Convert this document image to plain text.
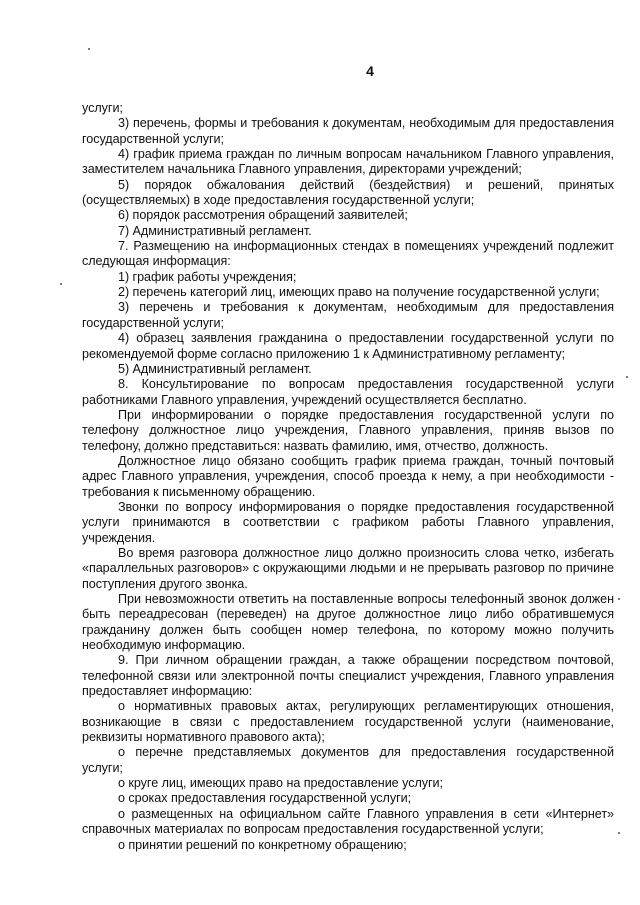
4

услуги;

3) перечень, формы и требования к документам, необходимым для предоставления государственной услуги;

4) график приема граждан по личным вопросам начальником Главного управления, заместителем начальника Главного управления, директорами учреждений;

5) порядок обжалования действий (бездействия) и решений, принятых (осуществляемых) в ходе предоставления государственной услуги;

6) порядок рассмотрения обращений заявителей;

7) Административный регламент.

7. Размещению на информационных стендах в помещениях учреждений подлежит следующая информация:

1) график работы учреждения;

2) перечень категорий лиц, имеющих право на получение государственной услуги;

3) перечень и требования к документам, необходимым для предоставления государственной услуги;

4) образец заявления гражданина о предоставлении государственной услуги по рекомендуемой форме согласно приложению 1 к Административному регламенту;

5) Административный регламент.

8. Консультирование по вопросам предоставления государственной услуги работниками Главного управления, учреждений осуществляется бесплатно.

При информировании о порядке предоставления государственной услуги по телефону должностное лицо учреждения, Главного управления, приняв вызов по телефону, должно представиться: назвать фамилию, имя, отчество, должность.

Должностное лицо обязано сообщить график приема граждан, точный почтовый адрес Главного управления, учреждения, способ проезда к нему, а при необходимости - требования к письменному обращению.

Звонки по вопросу информирования о порядке предоставления государственной услуги принимаются в соответствии с графиком работы Главного управления, учреждения.

Во время разговора должностное лицо должно произносить слова четко, избегать «параллельных разговоров» с окружающими людьми и не прерывать разговор по причине поступления другого звонка.

При невозможности ответить на поставленные вопросы телефонный звонок должен быть переадресован (переведен) на другое должностное лицо либо обратившемуся гражданину должен быть сообщен номер телефона, по которому можно получить необходимую информацию.

9. При личном обращении граждан, а также обращении посредством почтовой, телефонной связи или электронной почты специалист учреждения, Главного управления предоставляет информацию:

о нормативных правовых актах, регулирующих регламентирующих отношения, возникающие в связи с предоставлением государственной услуги (наименование, реквизиты нормативного правового акта);

о перечне представляемых документов для предоставления государственной услуги;

о круге лиц, имеющих право на предоставление услуги;

о сроках предоставления государственной услуги;

о размещенных на официальном сайте Главного управления в сети «Интернет» справочных материалах по вопросам предоставления государственной услуги;

о принятии решений по конкретному обращению;
